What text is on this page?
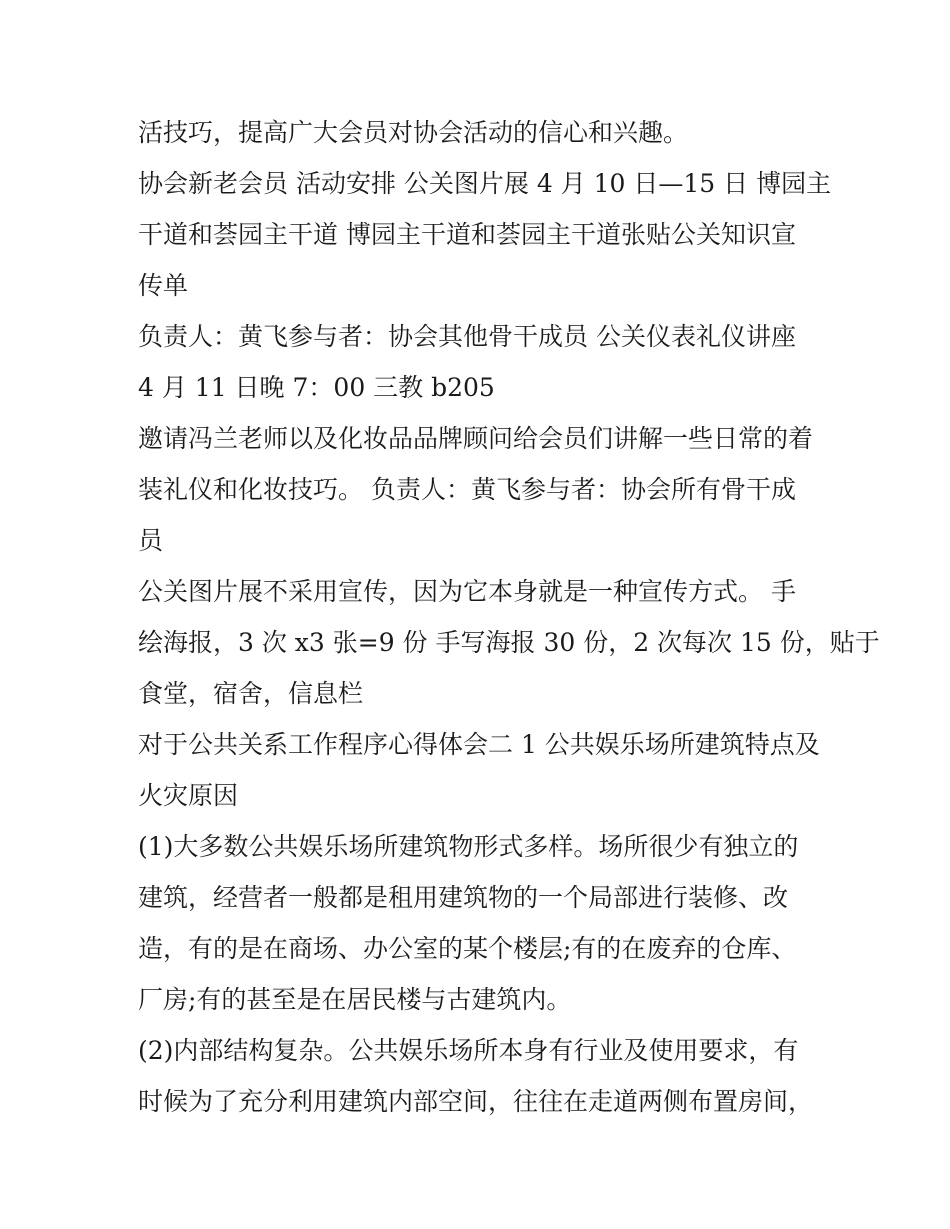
活技巧，提高广大会员对协会活动的信心和兴趣。
协会新老会员 活动安排 公关图片展 4 月 10 日—15 日 博园主
干道和荟园主干道 博园主干道和荟园主干道张贴公关知识宣
传单
负责人：黄飞参与者：协会其他骨干成员 公关仪表礼仪讲座
4 月 11 日晚 7：00 三教 b205
邀请冯兰老师以及化妆品品牌顾问给会员们讲解一些日常的着
装礼仪和化妆技巧。 负责人：黄飞参与者：协会所有骨干成
员
公关图片展不采用宣传，因为它本身就是一种宣传方式。 手
绘海报，3 次 x3 张=9 份 手写海报 30 份，2 次每次 15 份，贴于
食堂，宿舍，信息栏
对于公共关系工作程序心得体会二 1 公共娱乐场所建筑特点及
火灾原因
(1)大多数公共娱乐场所建筑物形式多样。场所很少有独立的
建筑，经营者一般都是租用建筑物的一个局部进行装修、改
造，有的是在商场、办公室的某个楼层;有的在废弃的仓库、
厂房;有的甚至是在居民楼与古建筑内。
(2)内部结构复杂。公共娱乐场所本身有行业及使用要求，有
时候为了充分利用建筑内部空间，往往在走道两侧布置房间，
